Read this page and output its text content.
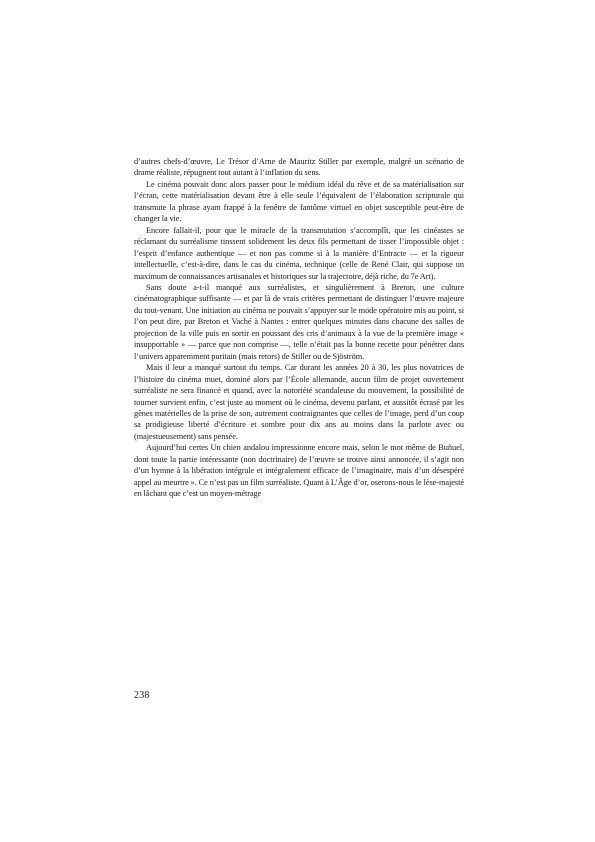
d’autres chefs-d’œuvre, Le Trésor d’Arne de Mauritz Stiller par exemple, malgré un scénario de drame réaliste, répugnent tout autant à l’inflation du sens.

Le cinéma pouvait donc alors passer pour le médium idéal du rêve et de sa matérialisation sur l’écran, cette matérialisation devant être à elle seule l’équivalent de l’élaboration scripturale qui transmute la phrase ayant frappé à la fenêtre de fantôme virtuel en objet susceptible peut-être de changer la vie.

Encore fallait-il, pour que le miracle de la transmutation s’accomplît, que les cinéastes se réclamant du surréalisme tinssent solidement les deux fils permettant de tisser l’impossible objet : l’esprit d’enfance authentique — et non pas comme si à la manière d’Entracte — et la rigueur intellectuelle, c’est-à-dire, dans le cas du cinéma, technique (celle de René Clair, qui suppose un maximum de connaissances artisanales et historiques sur la trajectoire, déjà riche, du 7e Art).

Sans doute a-t-il manqué aux surréalistes, et singulièrement à Breton, une culture cinématographique suffisante — et par là de vrais critères permettant de distinguer l’œuvre majeure du tout-venant. Une initiation au cinéma ne pouvait s’appuyer sur le mode opératoire mis au point, si l’on peut dire, par Breton et Vaché à Nantes : entrer quelques minutes dans chacune des salles de projection de la ville puis en sortir en poussant des cris d’animaux à la vue de la première image « insupportable » — parce que non comprise —, telle n’était pas la bonne recette pour pénétrer dans l’univers apparemment puritain (mais retors) de Stiller ou de Sjöström.

Mais il leur a manqué surtout du temps. Car durant les années 20 à 30, les plus novatrices de l’histoire du cinéma muet, dominé alors par l’École allemande, aucun film de projet ouvertement surréaliste ne sera financé et quand, avec la notoriété scandaleuse du mouvement, la possibilité de tourner survient enfin, c’est juste au moment où le cinéma, devenu parlant, et aussitôt écrasé par les gênes matérielles de la prise de son, autrement contraignantes que celles de l’image, perd d’un coup sa prodigieuse liberté d’écriture et sombre pour dix ans au moins dans la parlote avec ou (majestueusement) sans pensée.

Aujourd’hui certes Un chien andalou impressionne encore mais, selon le mot même de Buñuel, dont toute la partie intéressante (non doctrinaire) de l’œuvre se trouve ainsi annoncée, il s’agit non d’un hymne à la libération intégrale et intégralement efficace de l’imaginaire, mais d’un désespéré appel au meurtre ». Ce n’est pas un film surréaliste. Quant à L’Âge d’or, oserons-nous le lèse-majesté en lâchant que c’est un moyen-métrage

238
